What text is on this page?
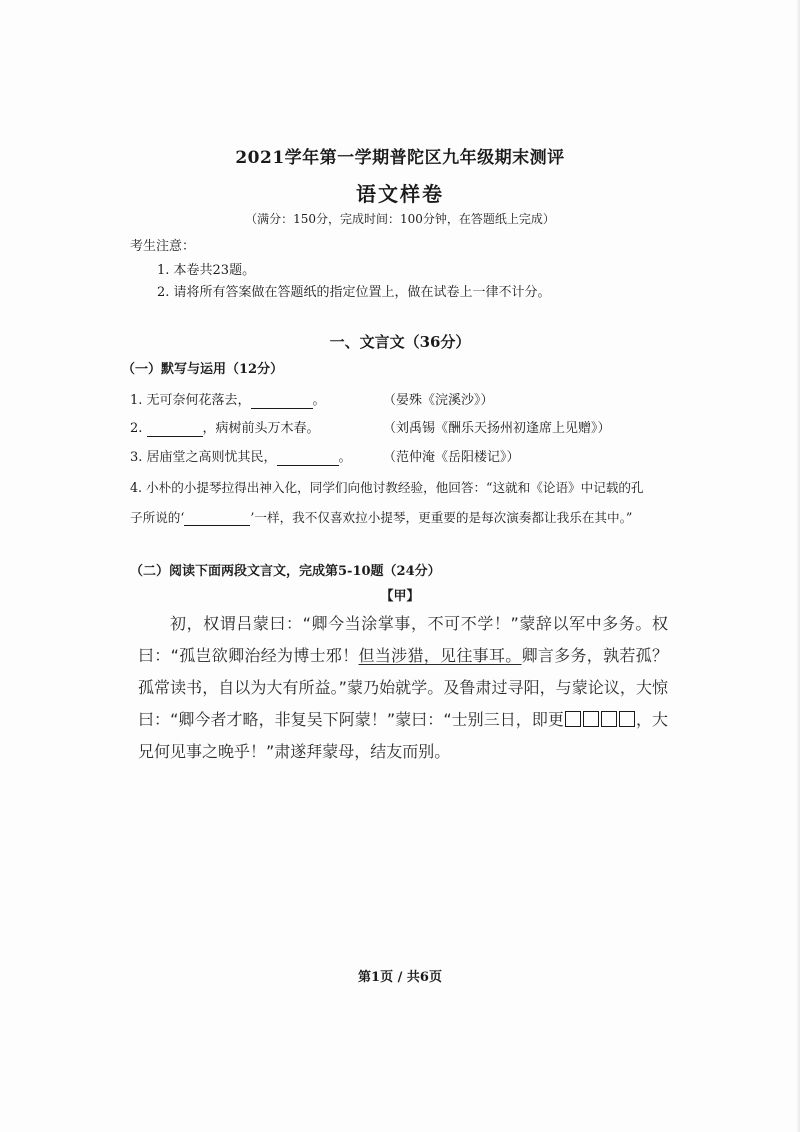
2021学年第一学期普陀区九年级期末测评
语文样卷
（满分：150分，完成时间：100分钟，在答题纸上完成）
考生注意：
1. 本卷共23题。
2. 请将所有答案做在答题纸的指定位置上，做在试卷上一律不计分。
一、文言文（36分）
（一）默写与运用（12分）
1. 无可奈何花落去，	。	（晏殊《浣溪沙》）
2.	，病树前头万木春。	（刘禹锡《酬乐天扬州初逢席上见赠》）
3. 居庙堂之高则忧其民，	。 （范仲淹《岳阳楼记》）
4. 小朴的小提琴拉得出神入化，同学们向他讨教经验，他回答：“这就和《论语》中记载的孔
子所说的‘	’一样，我不仅喜欢拉小提琴，更重要的是每次演奏都让我乐在其中。”
（二）阅读下面两段文言文，完成第5-10题（24分）
【甲】

初，权谓吕蒙曰：“卿今当涂掌事，不可不学！”蒙辞以军中多务。权曰：“孤岂欲卿治经为博士邪！但当涉猎，见往事耳。卿言多务，孰若孤？孤常读书，自以为大有所益。”蒙乃始就学。及鲁肃过寻阳，与蒙论议，大惊曰：“卿今者才略，非复吴下阿蒙！”蒙曰：“士别三日，即更	，大兄何见事之晚乎！”肃遂拜蒙母，结友而别。

第1页 / 共6页
